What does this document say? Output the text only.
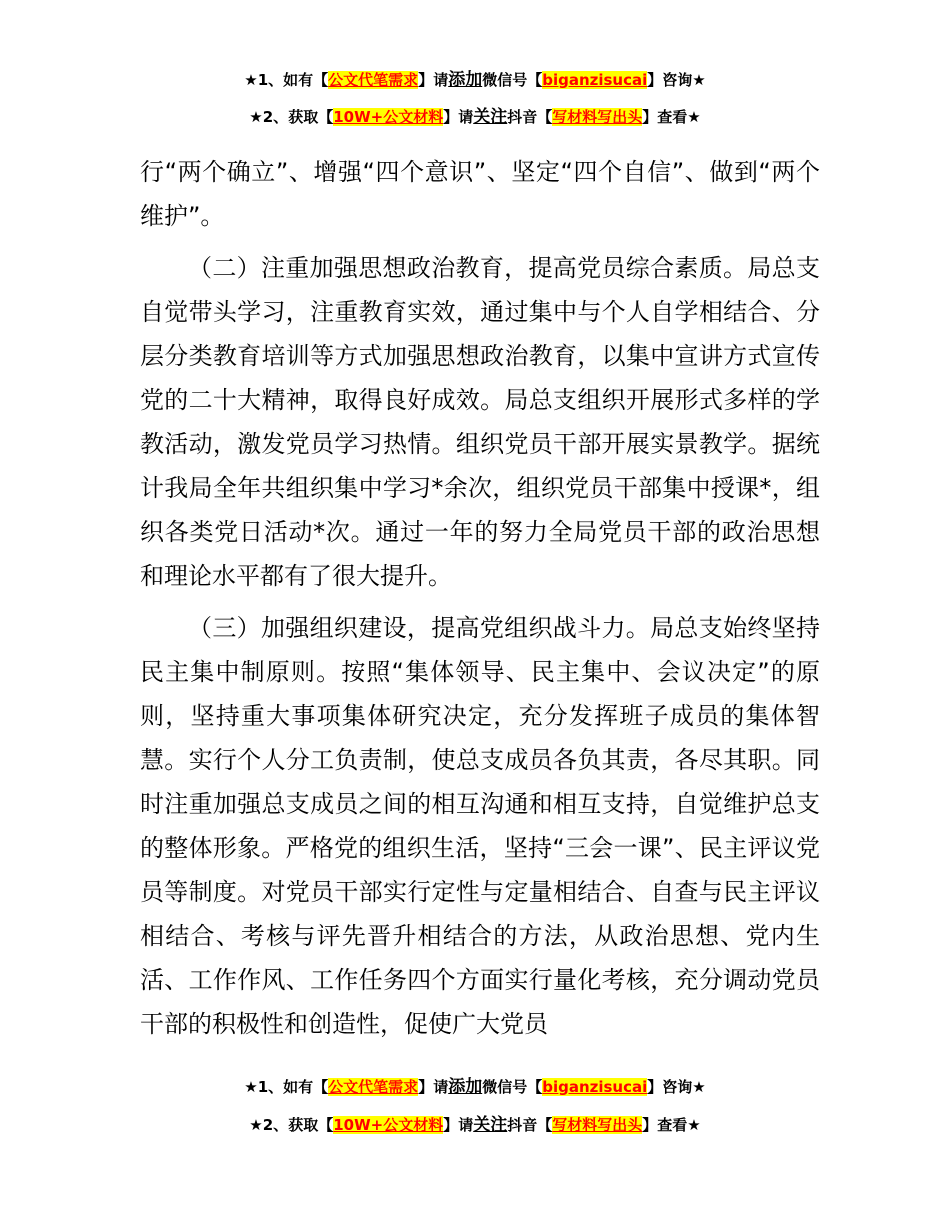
★1、如有【公文代笔需求】请添加微信号【biganzisucai】咨询★
★2、获取【10W+公文材料】请关注抖音【写材料写出头】查看★

行“两个确立”、增强“四个意识”、坚定“四个自信”、做到“两个维护”。

（二）注重加强思想政治教育，提高党员综合素质。局总支自觉带头学习，注重教育实效，通过集中与个人自学相结合、分层分类教育培训等方式加强思想政治教育，以集中宣讲方式宣传党的二十大精神，取得良好成效。局总支组织开展形式多样的学教活动，激发党员学习热情。组织党员干部开展实景教学。据统计我局全年共组织集中学习*余次，组织党员干部集中授课*，组织各类党日活动*次。通过一年的努力全局党员干部的政治思想和理论水平都有了很大提升。

（三）加强组织建设，提高党组织战斗力。局总支始终坚持民主集中制原则。按照“集体领导、民主集中、会议决定”的原则，坚持重大事项集体研究决定，充分发挥班子成员的集体智慧。实行个人分工负责制，使总支成员各负其责，各尽其职。同时注重加强总支成员之间的相互沟通和相互支持，自觉维护总支的整体形象。严格党的组织生活，坚持“三会一课”、民主评议党员等制度。对党员干部实行定性与定量相结合、自查与民主评议相结合、考核与评先晋升相结合的方法，从政治思想、党内生活、工作作风、工作任务四个方面实行量化考核，充分调动党员干部的积极性和创造性，促使广大党员

★1、如有【公文代笔需求】请添加微信号【biganzisucai】咨询★
★2、获取【10W+公文材料】请关注抖音【写材料写出头】查看★
